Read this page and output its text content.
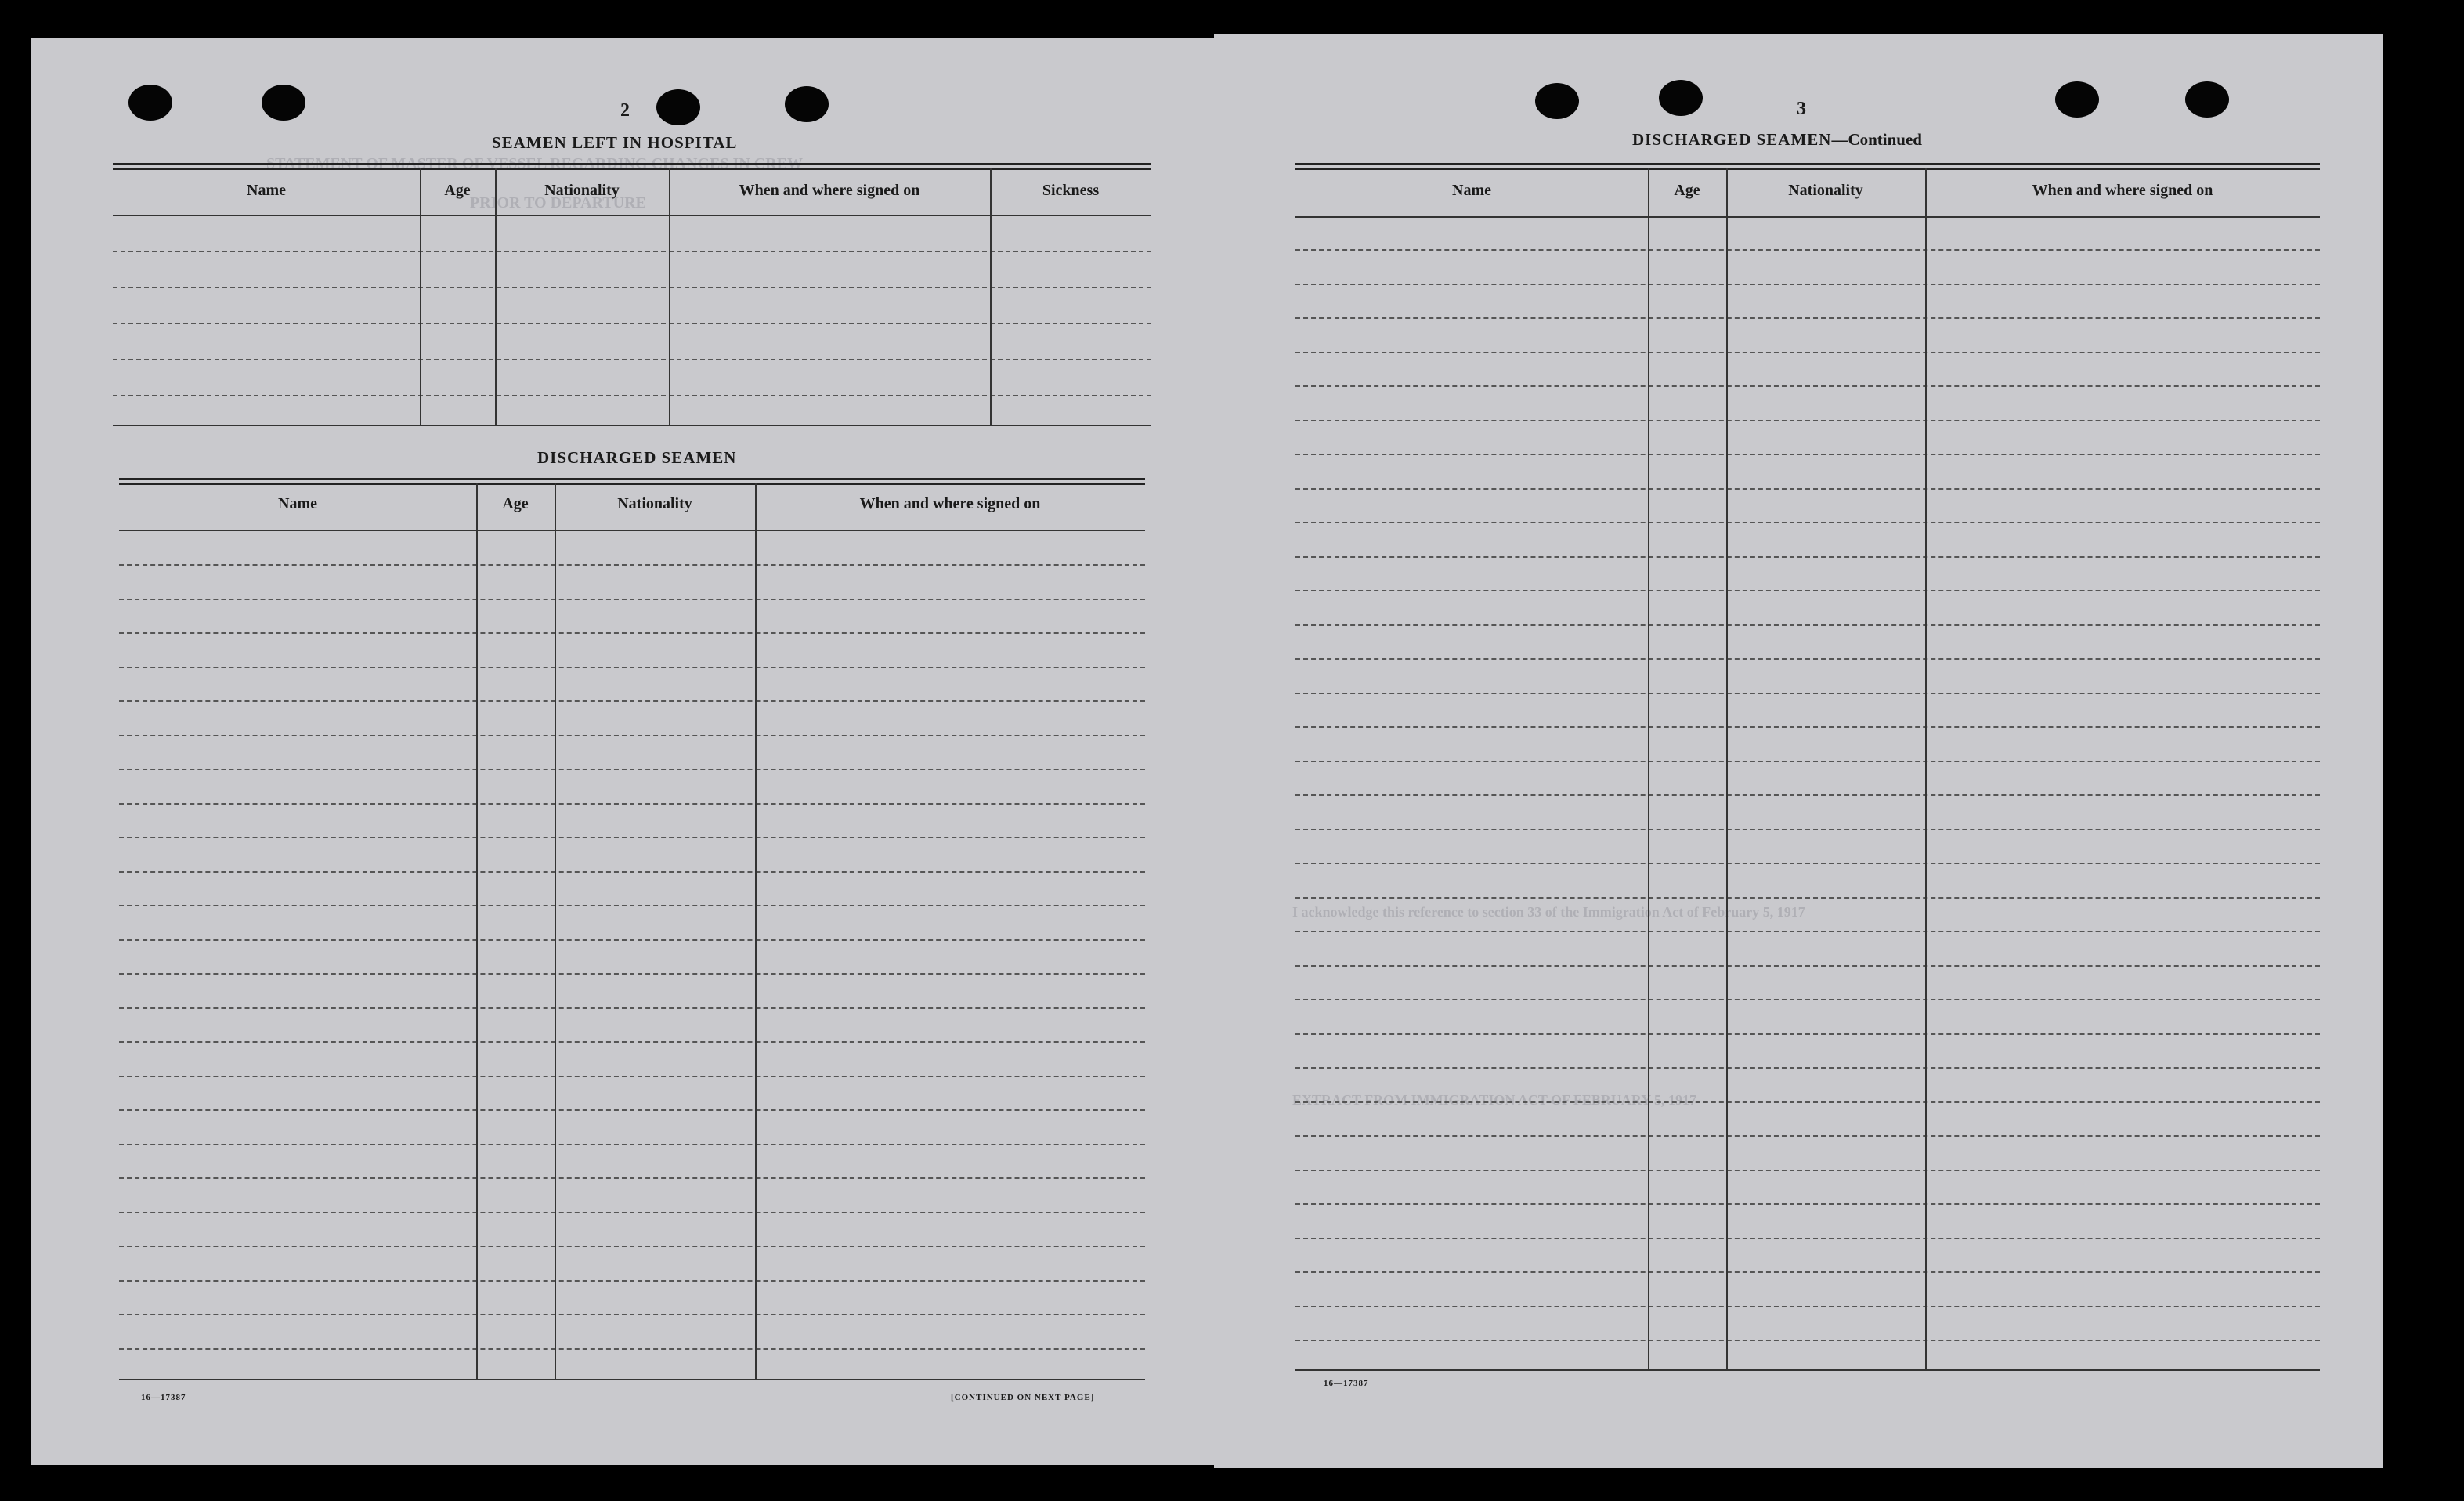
2
STATEMENT OF MASTER OF VESSEL REGARDING CHANGES IN CREW
PRIOR TO DEPARTURE
SEAMEN LEFT IN HOSPITAL
Name	Age	Nationality	When and where signed on	Sickness
DISCHARGED SEAMEN
Name	Age	Nationality	When and where signed on
16—17387	[CONTINUED ON NEXT PAGE]
3
DISCHARGED SEAMEN—Continued
I acknowledge this reference to section 33 of the Immigration Act of February 5, 1917
EXTRACT FROM IMMIGRATION ACT OF FEBRUARY 5, 1917
Name	Age	Nationality	When and where signed on
16—17387
